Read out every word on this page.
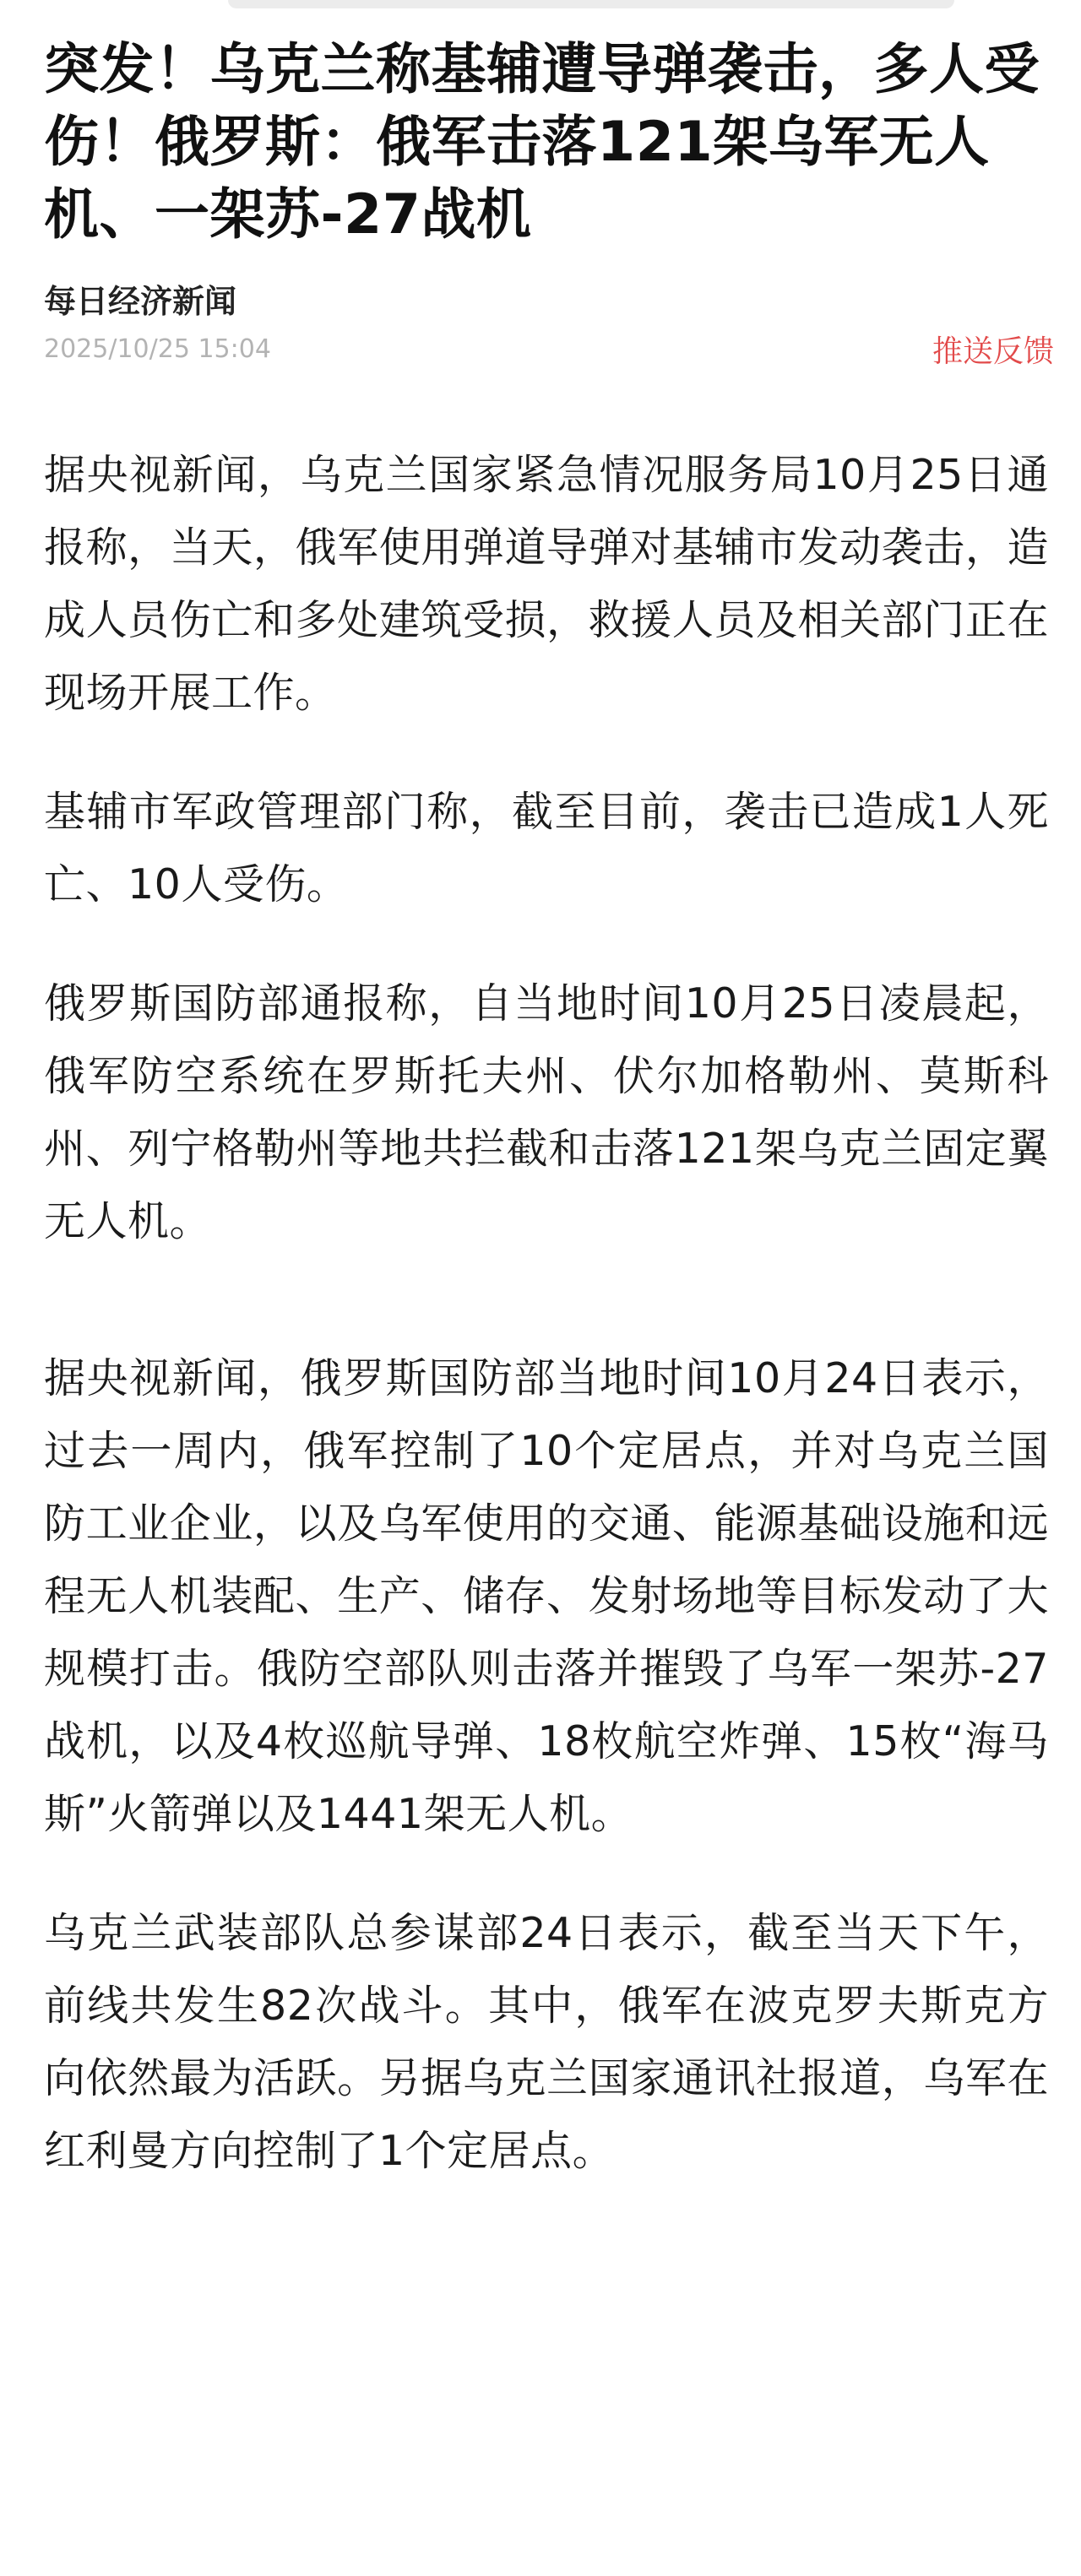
突发！乌克兰称基辅遭导弹袭击，多人受伤！俄罗斯：俄军击落121架乌军无人机、一架苏-27战机
每日经济新闻
2025/10/25 15:04	推送反馈

据央视新闻，乌克兰国家紧急情况服务局10月25日通报称，当天，俄军使用弹道导弹对基辅市发动袭击，造成人员伤亡和多处建筑受损，救援人员及相关部门正在现场开展工作。

基辅市军政管理部门称，截至目前，袭击已造成1人死亡、10人受伤。

俄罗斯国防部通报称，自当地时间10月25日凌晨起，俄军防空系统在罗斯托夫州、伏尔加格勒州、莫斯科州、列宁格勒州等地共拦截和击落121架乌克兰固定翼无人机。

据央视新闻，俄罗斯国防部当地时间10月24日表示，过去一周内，俄军控制了10个定居点，并对乌克兰国防工业企业，以及乌军使用的交通、能源基础设施和远程无人机装配、生产、储存、发射场地等目标发动了大规模打击。俄防空部队则击落并摧毁了乌军一架苏-27战机，以及4枚巡航导弹、18枚航空炸弹、15枚“海马斯”火箭弹以及1441架无人机。

乌克兰武装部队总参谋部24日表示，截至当天下午，前线共发生82次战斗。其中，俄军在波克罗夫斯克方向依然最为活跃。另据乌克兰国家通讯社报道，乌军在红利曼方向控制了1个定居点。
